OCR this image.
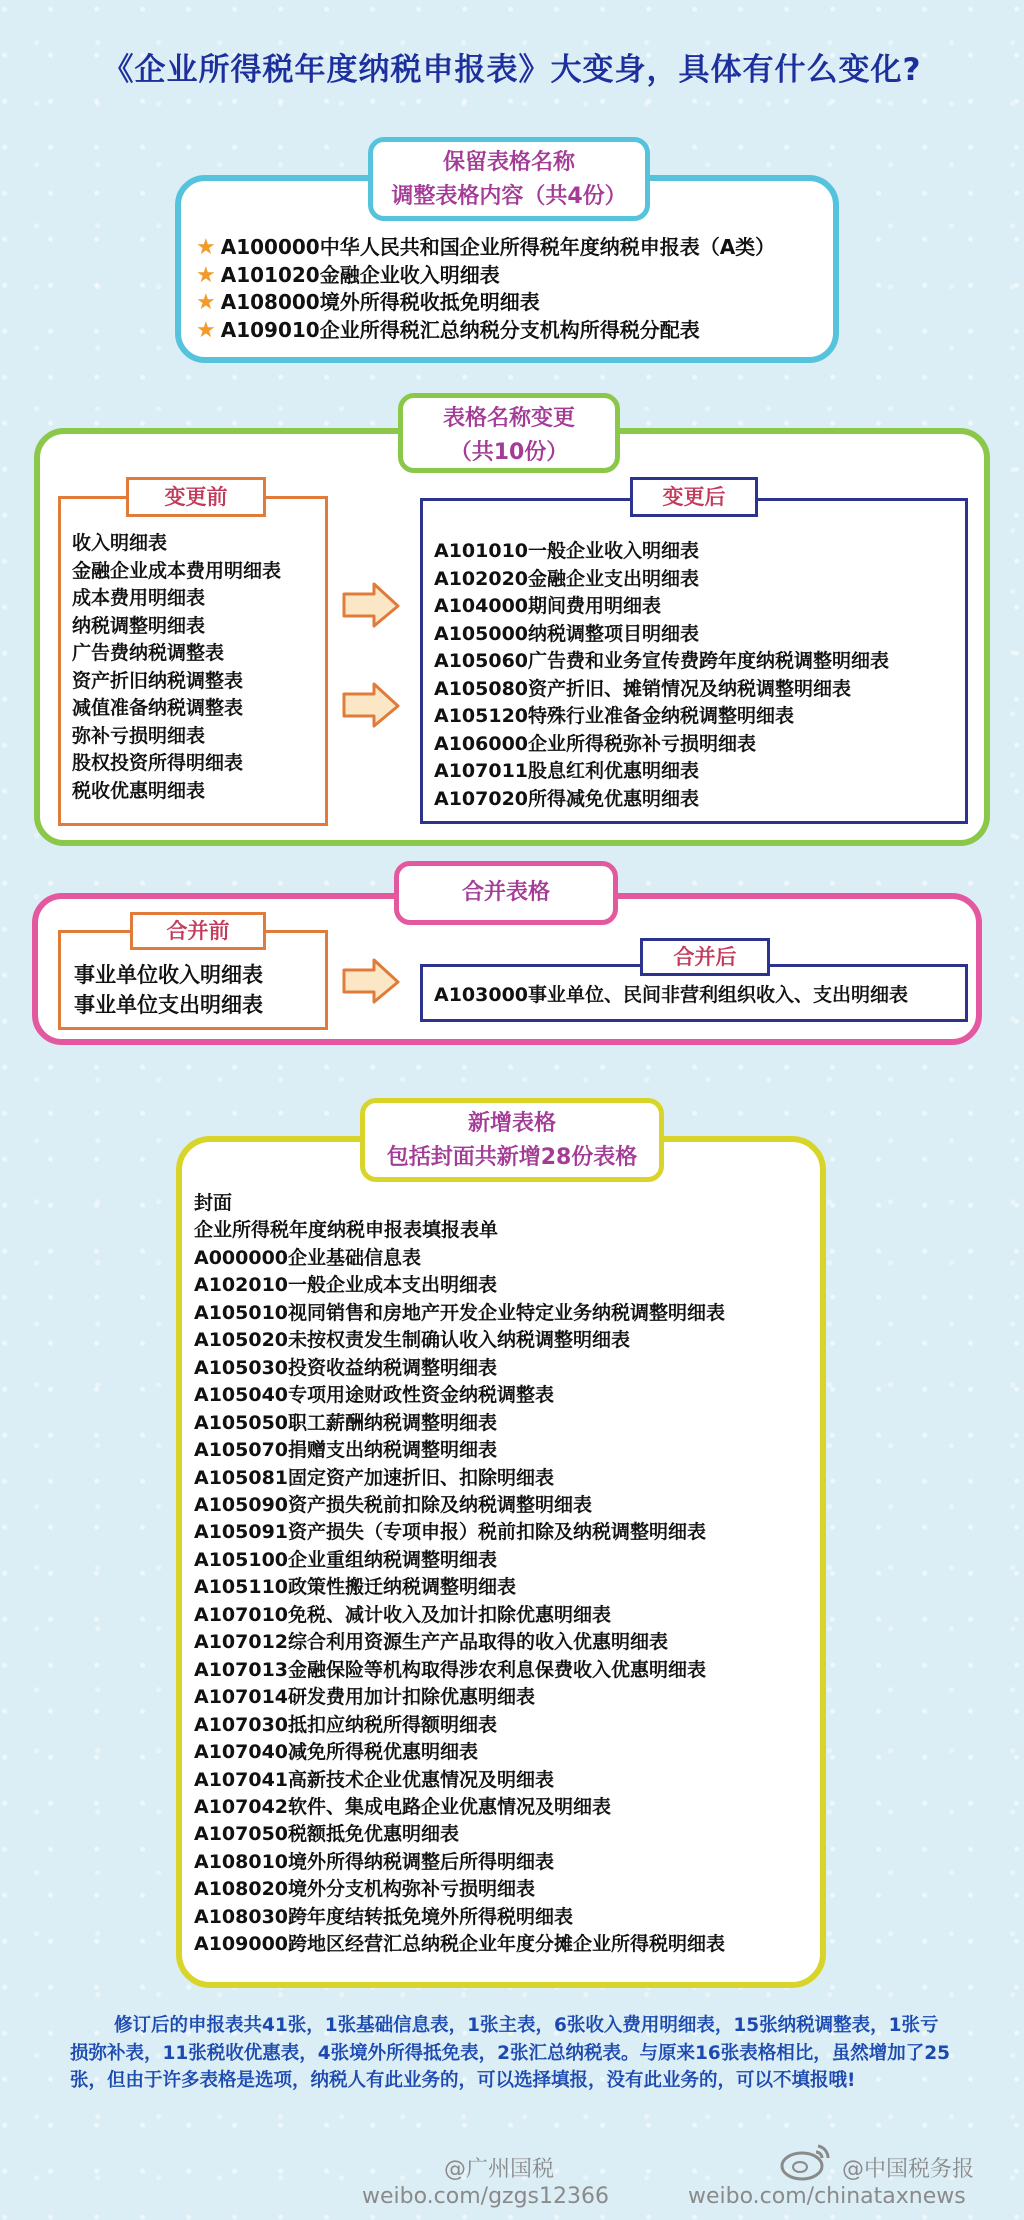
《企业所得税年度纳税申报表》大变身，具体有什么变化?
保留表格名称
调整表格内容（共4份）
★ A100000中华人民共和国企业所得税年度纳税申报表（A类）
★ A101020金融企业收入明细表
★ A108000境外所得税收抵免明细表
★ A109010企业所得税汇总纳税分支机构所得税分配表
表格名称变更
（共10份）
变更前	变更后
收入明细表
金融企业成本费用明细表
成本费用明细表
纳税调整明细表
广告费纳税调整表
资产折旧纳税调整表
减值准备纳税调整表
弥补亏损明细表
股权投资所得明细表
税收优惠明细表
A101010一般企业收入明细表
A102020金融企业支出明细表
A104000期间费用明细表
A105000纳税调整项目明细表
A105060广告费和业务宣传费跨年度纳税调整明细表
A105080资产折旧、摊销情况及纳税调整明细表
A105120特殊行业准备金纳税调整明细表
A106000企业所得税弥补亏损明细表
A107011股息红利优惠明细表
A107020所得减免优惠明细表
合并表格
合并前
合并后
事业单位收入明细表
事业单位支出明细表	A103000事业单位、民间非营利组织收入、支出明细表
新增表格
包括封面共新增28份表格
封面
企业所得税年度纳税申报表填报表单
A000000企业基础信息表
A102010一般企业成本支出明细表
A105010视同销售和房地产开发企业特定业务纳税调整明细表
A105020未按权责发生制确认收入纳税调整明细表
A105030投资收益纳税调整明细表
A105040专项用途财政性资金纳税调整表
A105050职工薪酬纳税调整明细表
A105070捐赠支出纳税调整明细表
A105081固定资产加速折旧、扣除明细表
A105090资产损失税前扣除及纳税调整明细表
A105091资产损失（专项申报）税前扣除及纳税调整明细表
A105100企业重组纳税调整明细表
A105110政策性搬迁纳税调整明细表
A107010免税、减计收入及加计扣除优惠明细表
A107012综合利用资源生产产品取得的收入优惠明细表
A107013金融保险等机构取得涉农利息保费收入优惠明细表
A107014研发费用加计扣除优惠明细表
A107030抵扣应纳税所得额明细表
A107040减免所得税优惠明细表
A107041高新技术企业优惠情况及明细表
A107042软件、集成电路企业优惠情况及明细表
A107050税额抵免优惠明细表
A108010境外所得纳税调整后所得明细表
A108020境外分支机构弥补亏损明细表
A108030跨年度结转抵免境外所得税明细表
A109000跨地区经营汇总纳税企业年度分摊企业所得税明细表
修订后的申报表共41张，1张基础信息表，1张主表，6张收入费用明细表，15张纳税调整表，1张亏损弥补表，11张税收优惠表，4张境外所得抵免表，2张汇总纳税表。与原来16张表格相比，虽然增加了25张，但由于许多表格是选项，纳税人有此业务的，可以选择填报，没有此业务的，可以不填报哦!
@广州国税
weibo.com/gzgs12366
@中国税务报
weibo.com/chinataxnews
